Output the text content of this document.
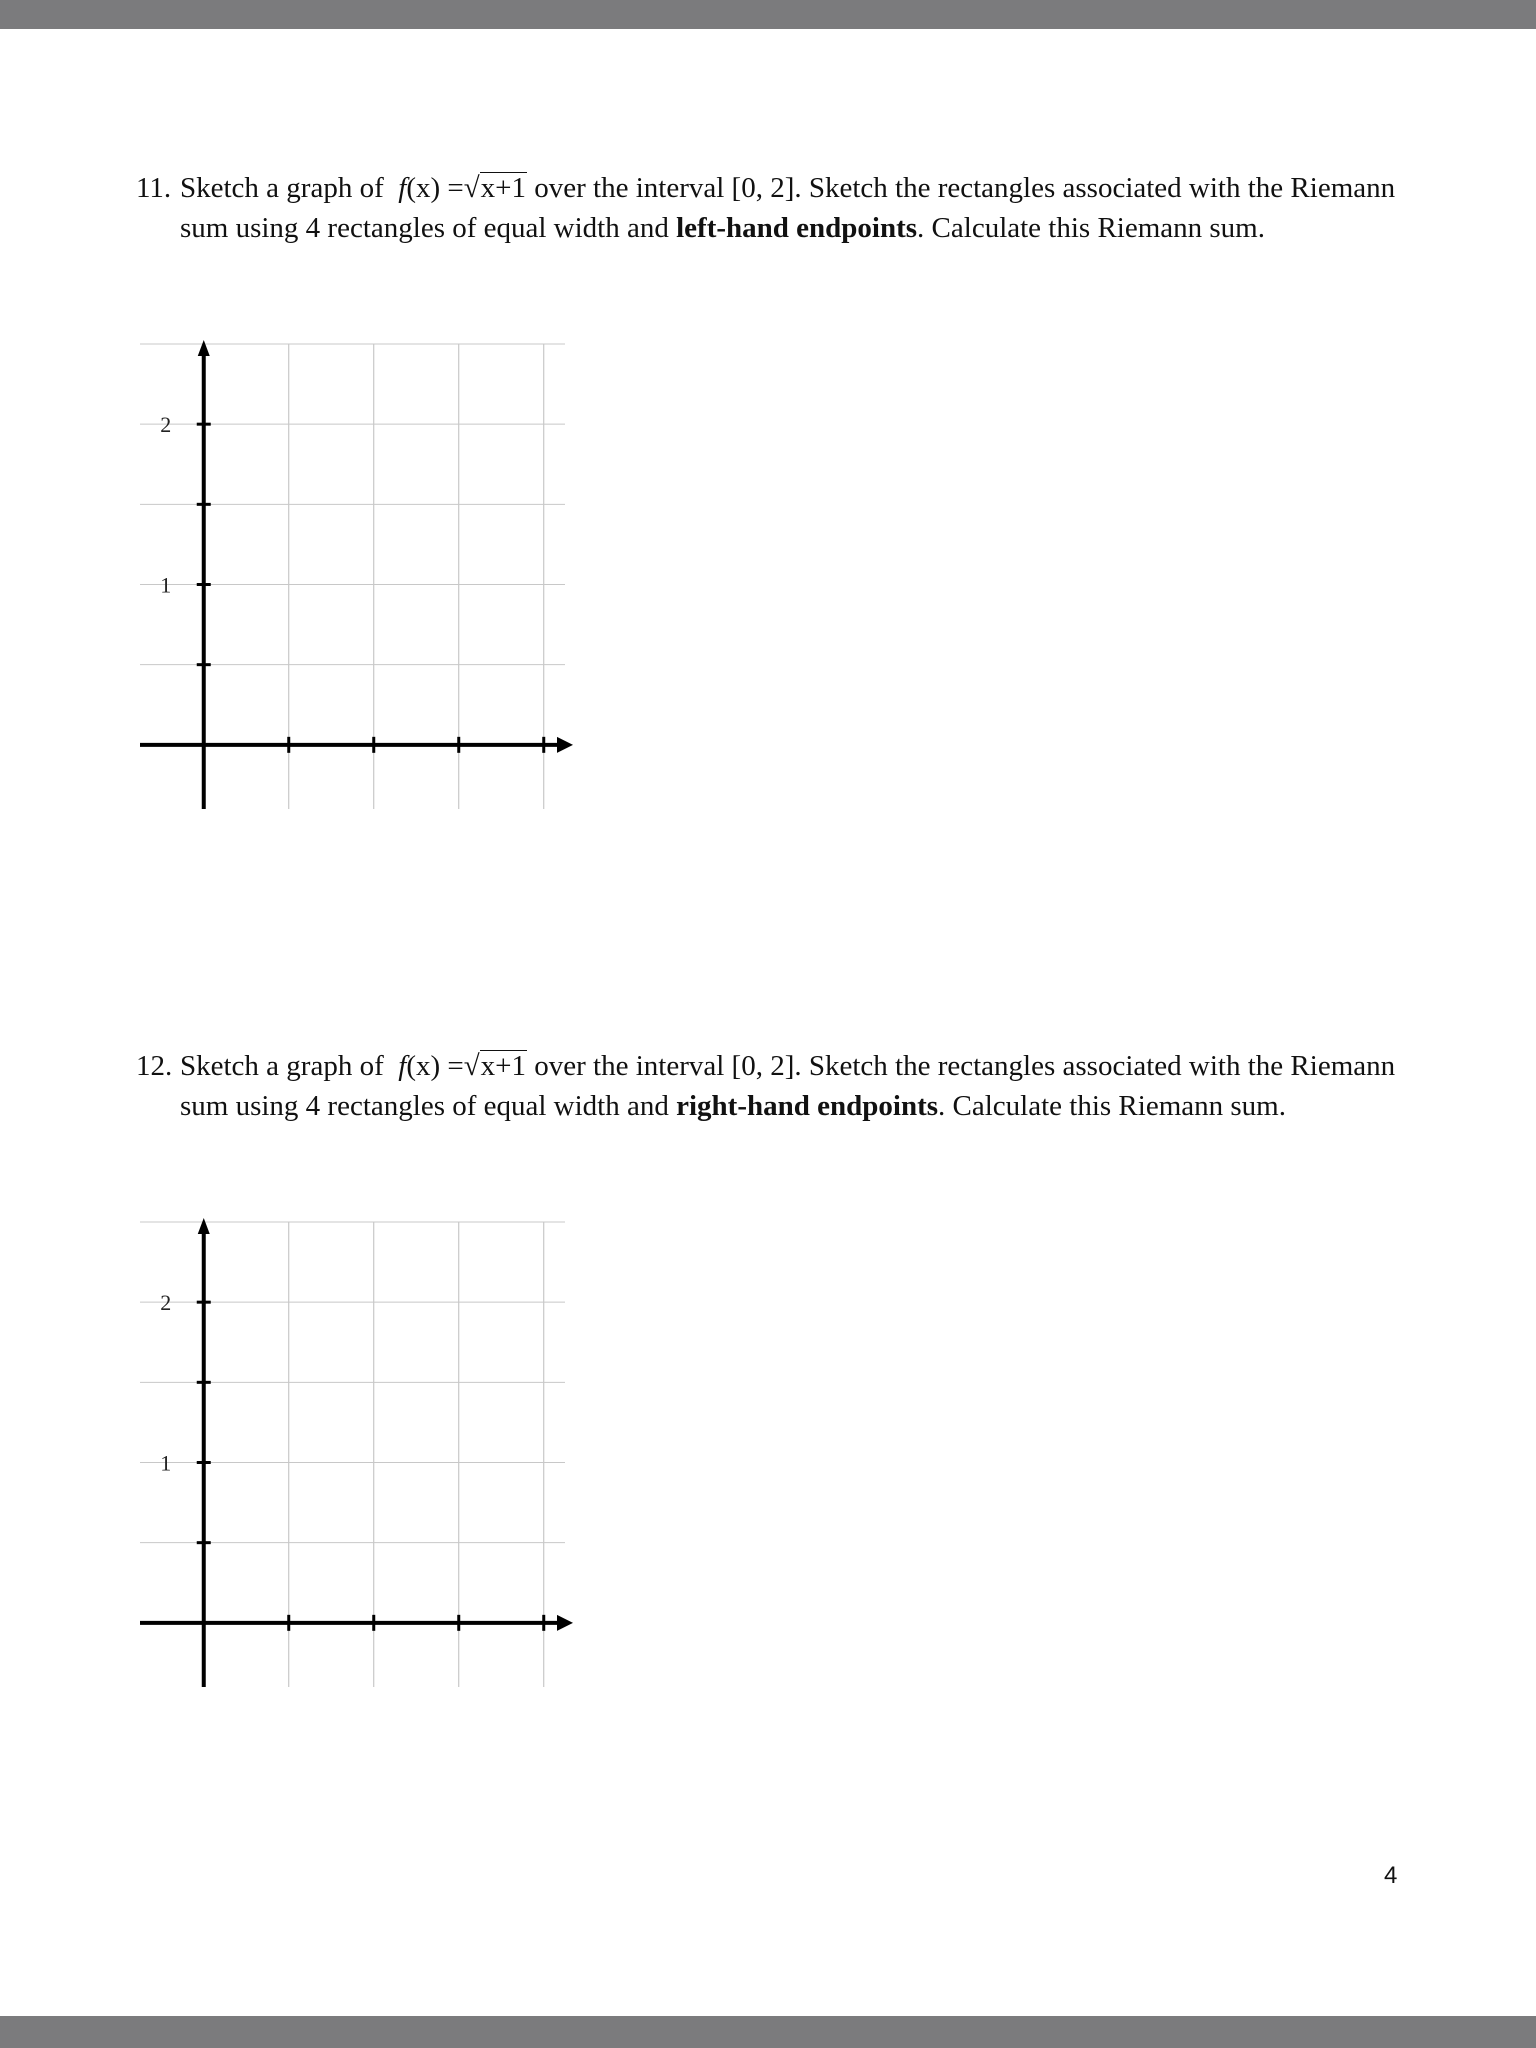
11. Sketch a graph of f(x) =√x+1 over the interval [0, 2]. Sketch the rectangles associated with the Riemann sum using 4 rectangles of equal width and left-hand endpoints. Calculate this Riemann sum.
1
2
12. Sketch a graph of f(x) =√x+1 over the interval [0, 2]. Sketch the rectangles associated with the Riemann sum using 4 rectangles of equal width and right-hand endpoints. Calculate this Riemann sum.
1
2
4
